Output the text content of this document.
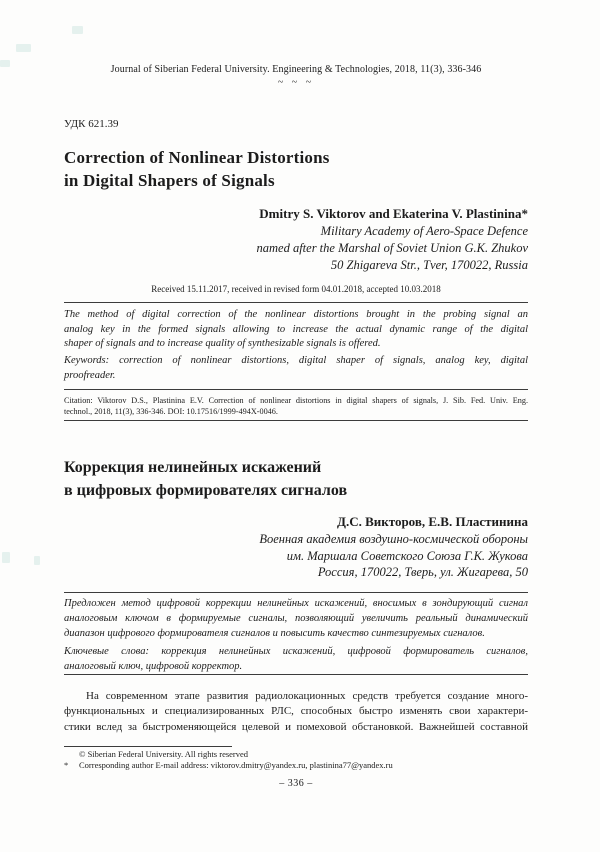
Journal of Siberian Federal University. Engineering & Technologies, 2018, 11(3), 336-346
~ ~ ~
УДК 621.39
Correction of Nonlinear Distortions
in Digital Shapers of Signals
Dmitry S. Viktorov and Ekaterina V. Plastinina*
Military Academy of Aero-Space Defence
named after the Marshal of Soviet Union G.K. Zhukov
50 Zhigareva Str., Tver, 170022, Russia
Received 15.11.2017, received in revised form 04.01.2018, accepted 10.03.2018
The method of digital correction of the nonlinear distortions brought in the probing signal an
analog key in the formed signals allowing to increase the actual dynamic range of the digital
shaper of signals and to increase quality of synthesizable signals is offered.
Keywords: correction of nonlinear distortions, digital shaper of signals, analog key, digital
proofreader.
Citation: Viktorov D.S., Plastinina E.V. Correction of nonlinear distortions in digital shapers of signals, J. Sib. Fed. Univ. Eng.
technol., 2018, 11(3), 336-346. DOI: 10.17516/1999-494X-0046.
Коррекция нелинейных искажений
в цифровых формирователях сигналов
Д.С. Викторов, Е.В. Пластинина
Военная академия воздушно-космической обороны
им. Маршала Советского Союза Г.К. Жукова
Россия, 170022, Тверь, ул. Жигарева, 50
Предложен метод цифровой коррекции нелинейных искажений, вносимых в зондирующий сигнал
аналоговым ключом в формируемые сигналы, позволяющий увеличить реальный динамический
диапазон цифрового формирователя сигналов и повысить качество синтезируемых сигналов.
Ключевые слова: коррекция нелинейных искажений, цифровой формирователь сигналов,
аналоговый ключ, цифровой корректор.
На современном этапе развития радиолокационных средств требуется создание много-
функциональных и специализированных РЛС, способных быстро изменять свои характери-
стики вслед за быстроменяющейся целевой и помеховой обстановкой. Важнейшей составной
© Siberian Federal University. All rights reserved
* Corresponding author E-mail address: viktorov.dmitry@yandex.ru, plastinina77@yandex.ru
– 336 –
